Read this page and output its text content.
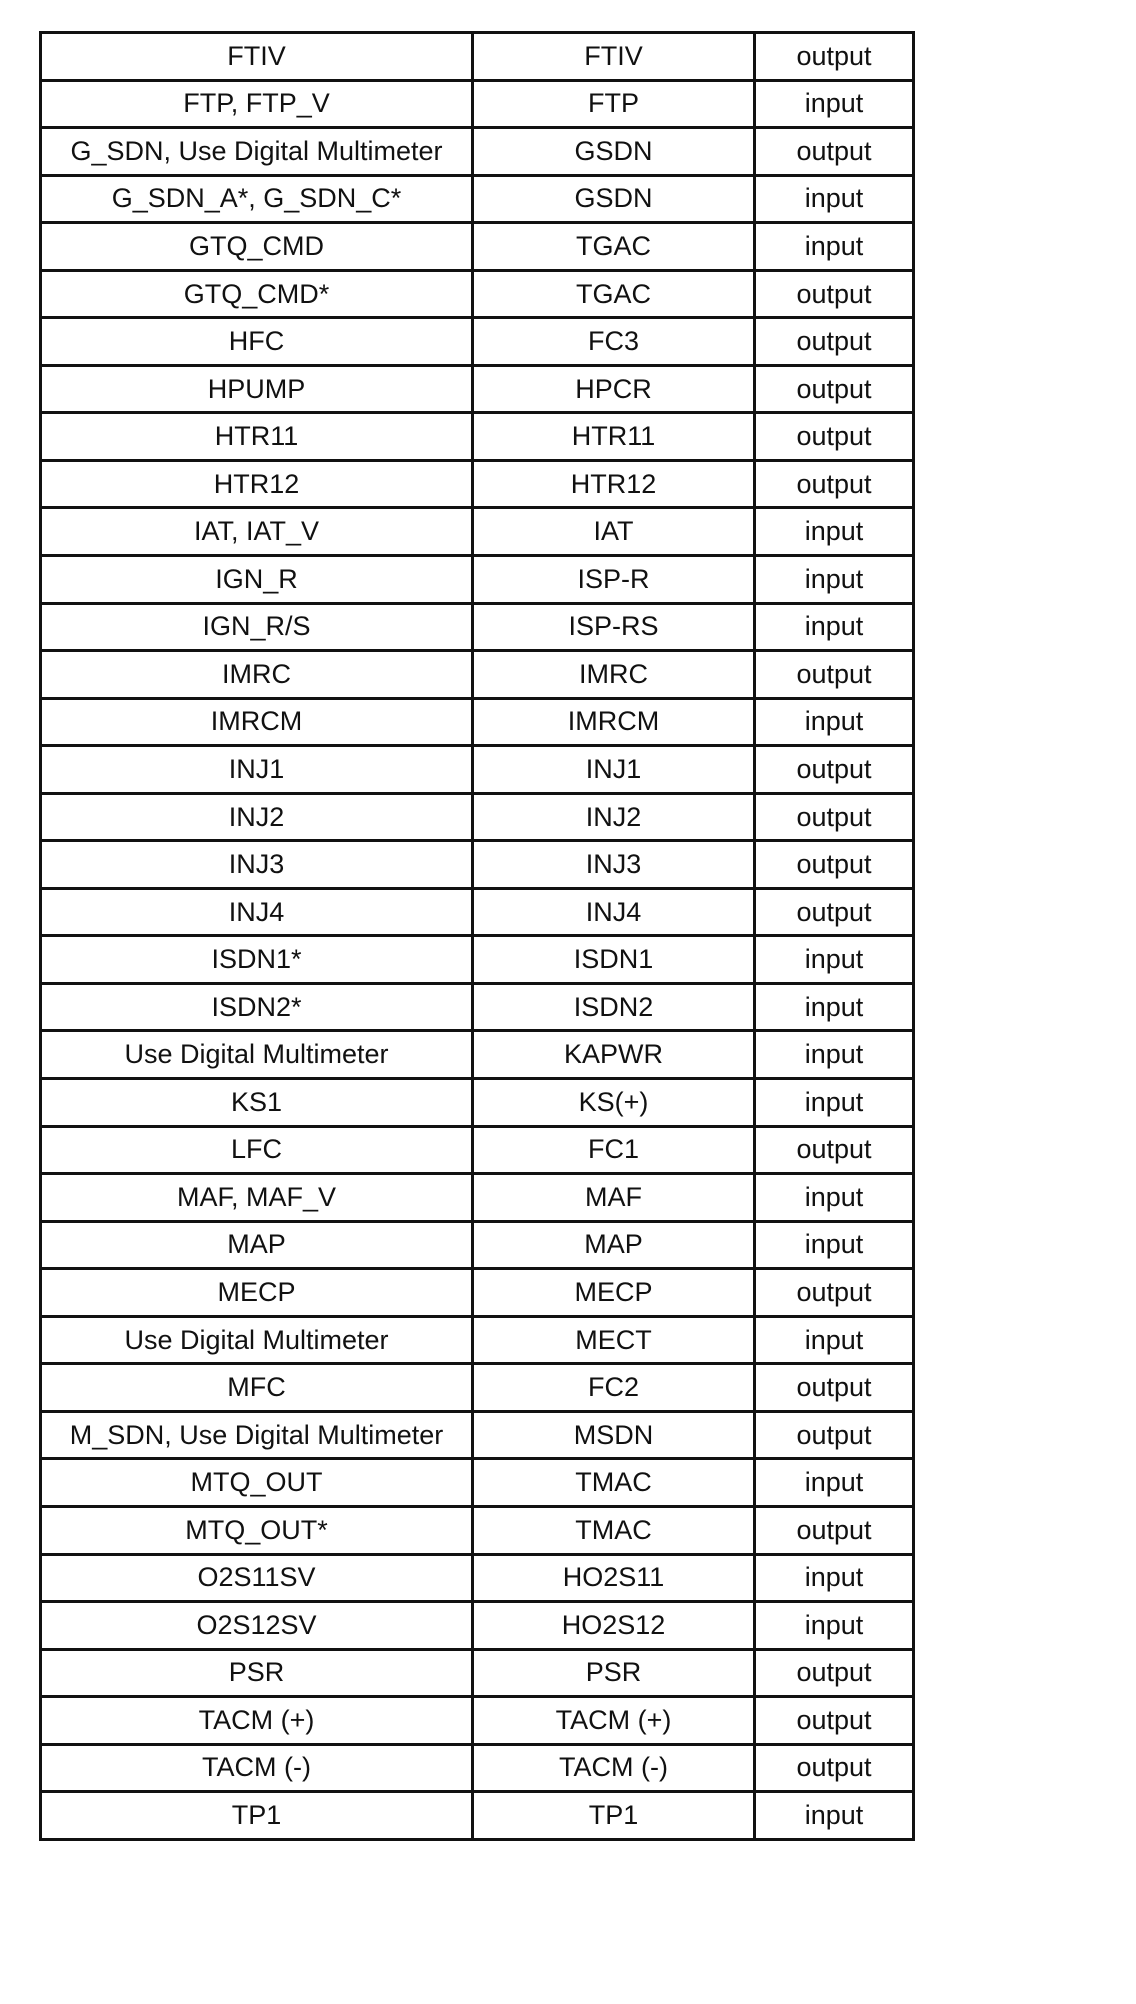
FTIV	FTIV	output
FTP, FTP_V	FTP	input
G_SDN, Use Digital Multimeter	GSDN	output
G_SDN_A*, G_SDN_C*	GSDN	input
GTQ_CMD	TGAC	input
GTQ_CMD*	TGAC	output
HFC	FC3	output
HPUMP	HPCR	output
HTR11	HTR11	output
HTR12	HTR12	output
IAT, IAT_V	IAT	input
IGN_R	ISP-R	input
IGN_R/S	ISP-RS	input
IMRC	IMRC	output
IMRCM	IMRCM	input
INJ1	INJ1	output
INJ2	INJ2	output
INJ3	INJ3	output
INJ4	INJ4	output
ISDN1*	ISDN1	input
ISDN2*	ISDN2	input
Use Digital Multimeter	KAPWR	input
KS1	KS(+)	input
LFC	FC1	output
MAF, MAF_V	MAF	input
MAP	MAP	input
MECP	MECP	output
Use Digital Multimeter	MECT	input
MFC	FC2	output
M_SDN, Use Digital Multimeter	MSDN	output
MTQ_OUT	TMAC	input
MTQ_OUT*	TMAC	output
O2S11SV	HO2S11	input
O2S12SV	HO2S12	input
PSR	PSR	output
TACM (+)	TACM (+)	output
TACM (-)	TACM (-)	output
TP1	TP1	input
